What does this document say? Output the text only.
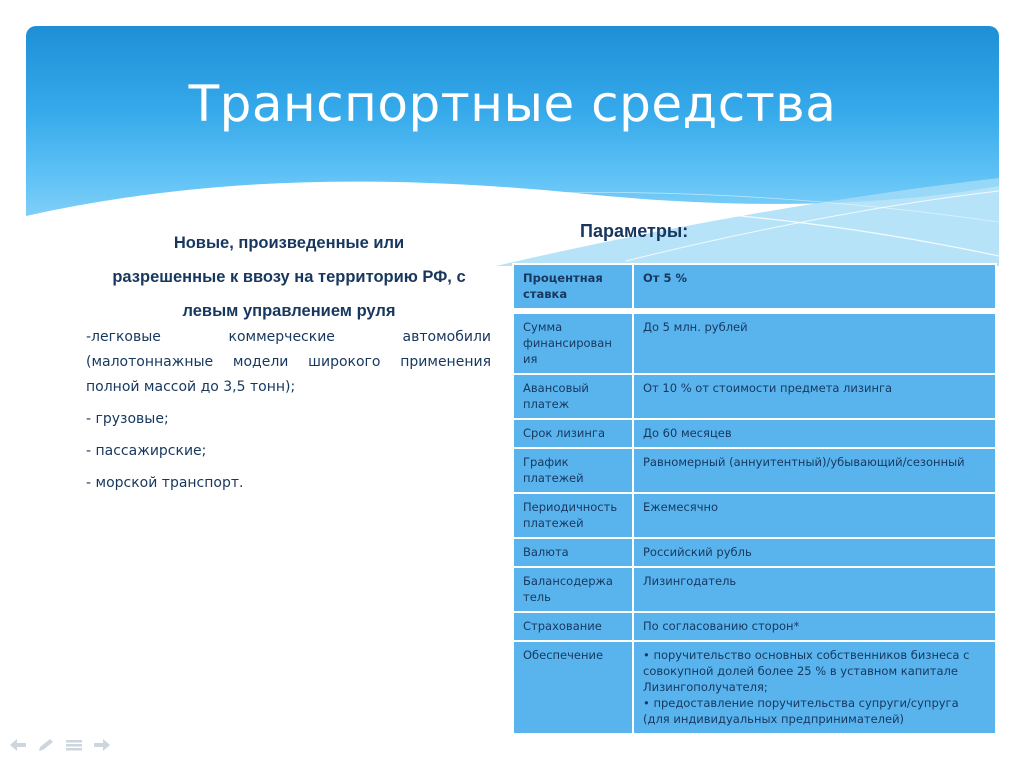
Транспортные средства

Новые, произведенные или
разрешенные к ввозу на территорию РФ, с
левым управлением руля

-легковые коммерческие автомобили (малотоннажные модели широкого применения полной массой до 3,5 тонн);
- грузовые;
- пассажирские;
- морской транспорт.
Параметры:
Процентная ставка	От 5 %

Сумма финансирован ия	До 5 млн. рублей
Авансовый платеж	От 10 % от стоимости предмета лизинга
Срок лизинга	До 60 месяцев
График платежей	Равномерный (аннуитентный)/убывающий/сезонный
Периодичность платежей	Ежемесячно
Валюта	Российский рубль
Балансодержа тель	Лизингодатель
Страхование	По согласованию сторон*
Обеспечение	• поручительство основных собственников бизнеса с совокупной долей более 25 % в уставном капитале Лизингополучателя;
• предоставление поручительства супруги/супруга (для индивидуальных предпринимателей)
